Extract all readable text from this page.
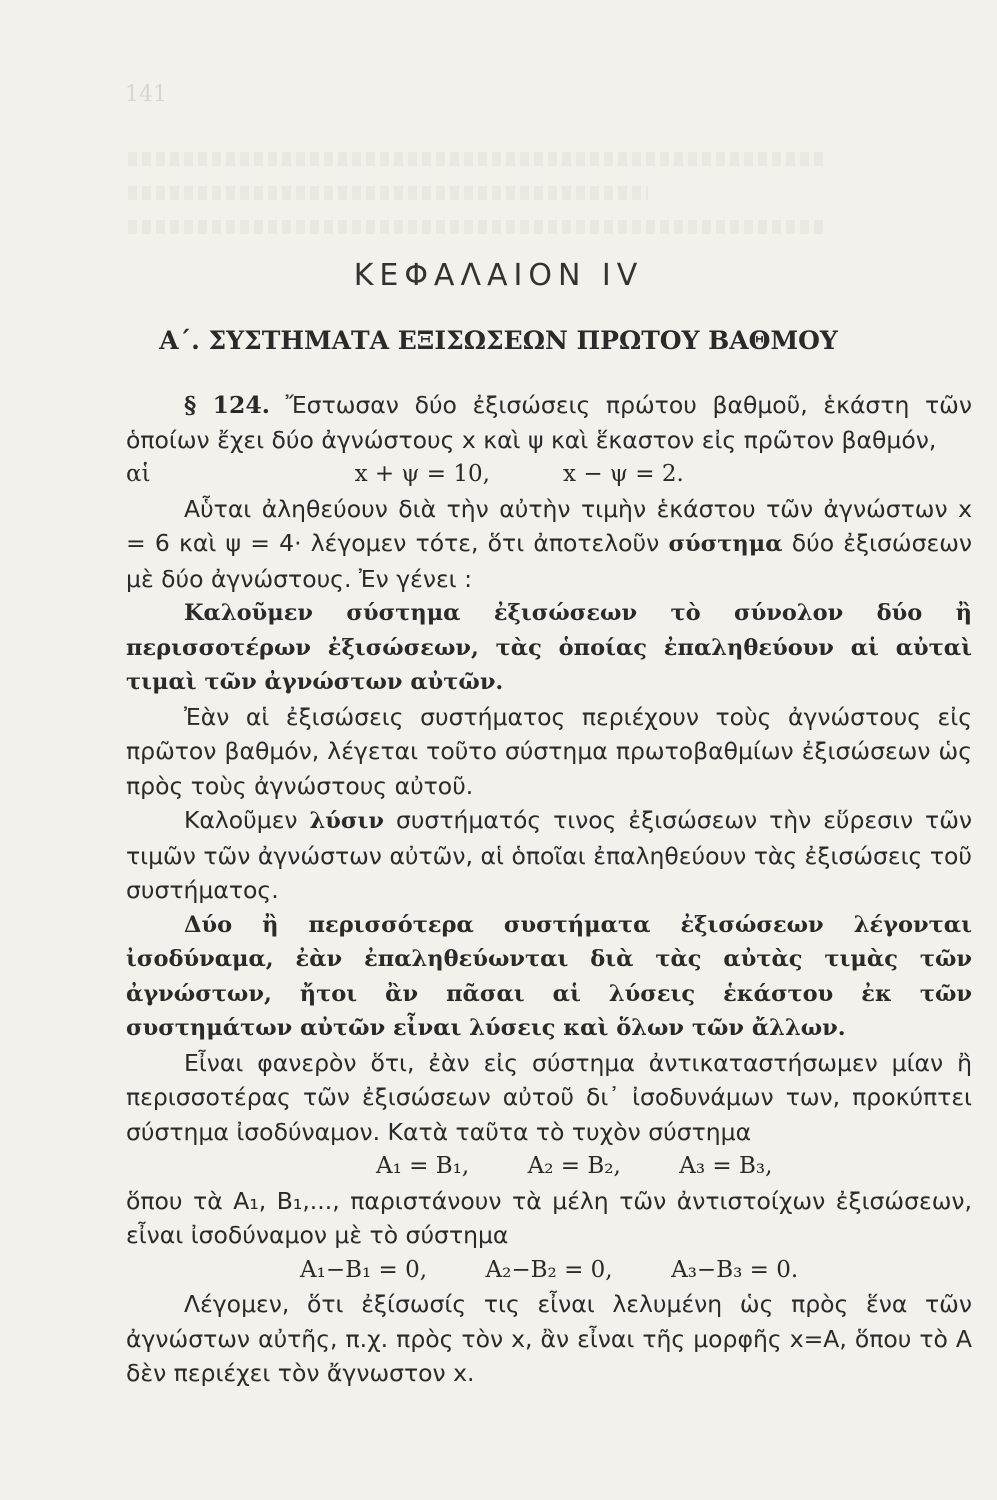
141
ΚΕΦΑΛΑΙΟΝ IV
Α΄. ΣΥΣΤΗΜΑΤΑ ΕΞΙΣΩΣΕΩΝ ΠΡΩΤΟΥ ΒΑΘΜΟΥ

§ 124. Ἔστωσαν δύο ἐξισώσεις πρώτου βαθμοῦ, ἑκάστη τῶν ὁποίων ἔχει δύο ἀγνώστους x καὶ ψ καὶ ἕκαστον εἰς πρῶτον βαθμόν,

αἱ	x + ψ = 10,          x − ψ = 2.

Αὗται ἀληθεύουν διὰ τὴν αὐτὴν τιμὴν ἑκάστου τῶν ἀγνώστων x = 6 καὶ ψ = 4· λέγομεν τότε, ὅτι ἀποτελοῦν σύστημα δύο ἐξισώσεων μὲ δύο ἀγνώστους. Ἐν γένει :

Καλοῦμεν σύστημα ἐξισώσεων τὸ σύνολον δύο ἢ περισσοτέρων ἐξισώσεων, τὰς ὁποίας ἐπαληθεύουν αἱ αὐταὶ τιμαὶ τῶν ἀγνώστων αὐτῶν.

Ἐὰν αἱ ἐξισώσεις συστήματος περιέχουν τοὺς ἀγνώστους εἰς πρῶτον βαθμόν, λέγεται τοῦτο σύστημα πρωτοβαθμίων ἐξισώσεων ὡς πρὸς τοὺς ἀγνώστους αὐτοῦ.

Καλοῦμεν λύσιν συστήματός τινος ἐξισώσεων τὴν εὕρεσιν τῶν τιμῶν τῶν ἀγνώστων αὐτῶν, αἱ ὁποῖαι ἐπαληθεύουν τὰς ἐξισώσεις τοῦ συστήματος.

Δύο ἢ περισσότερα συστήματα ἐξισώσεων λέγονται ἰσοδύναμα, ἐὰν ἐπαληθεύωνται διὰ τὰς αὐτὰς τιμὰς τῶν ἀγνώστων, ἤτοι ἂν πᾶσαι αἱ λύσεις ἑκάστου ἐκ τῶν συστημάτων αὐτῶν εἶναι λύσεις καὶ ὅλων τῶν ἄλλων.

Εἶναι φανερὸν ὅτι, ἐὰν εἰς σύστημα ἀντικαταστήσωμεν μίαν ἢ περισσοτέρας τῶν ἐξισώσεων αὐτοῦ δι᾽ ἰσοδυνάμων των, προκύπτει σύστημα ἰσοδύναμον. Κατὰ ταῦτα τὸ τυχὸν σύστημα

A₁ = B₁,        A₂ = B₂,        A₃ = B₃,

ὅπου τὰ A₁, B₁,..., παριστάνουν τὰ μέλη τῶν ἀντιστοίχων ἐξισώσεων, εἶναι ἰσοδύναμον μὲ τὸ σύστημα

A₁−B₁ = 0,        A₂−B₂ = 0,        A₃−B₃ = 0.

Λέγομεν, ὅτι ἐξίσωσίς τις εἶναι λελυμένη ὡς πρὸς ἕνα τῶν ἀγνώστων αὐτῆς, π.χ. πρὸς τὸν x, ἂν εἶναι τῆς μορφῆς x=A, ὅπου τὸ A δὲν περιέχει τὸν ἄγνωστον x.
